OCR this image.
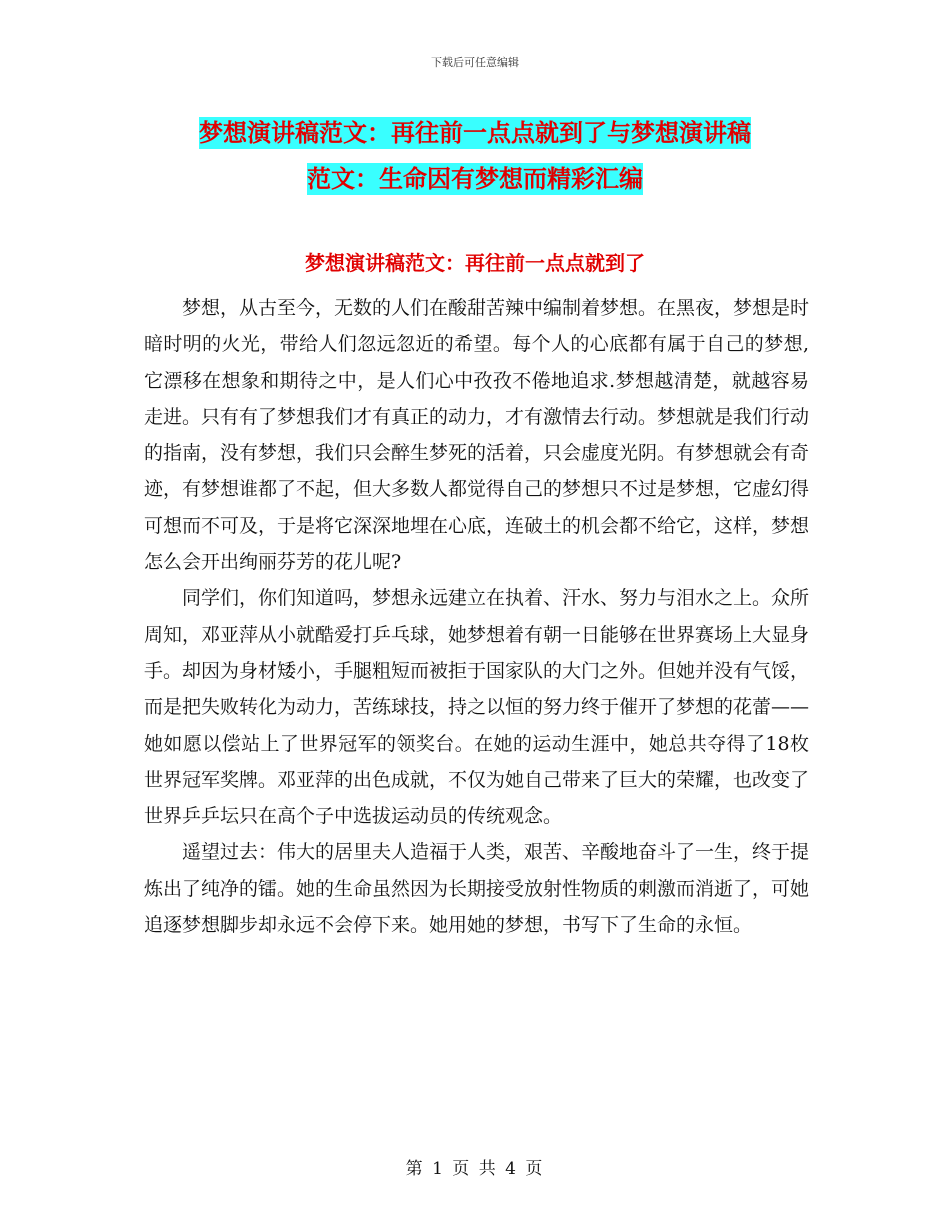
下载后可任意编辑
梦想演讲稿范文：再往前一点点就到了与梦想演讲稿
范文：生命因有梦想而精彩汇编
梦想演讲稿范文：再往前一点点就到了

梦想，从古至今，无数的人们在酸甜苦辣中编制着梦想。在黑夜，梦想是时暗时明的火光，带给人们忽远忽近的希望。每个人的心底都有属于自己的梦想,它漂移在想象和期待之中，是人们心中孜孜不倦地追求.梦想越清楚，就越容易走进。只有有了梦想我们才有真正的动力，才有激情去行动。梦想就是我们行动的指南，没有梦想，我们只会醉生梦死的活着，只会虚度光阴。有梦想就会有奇迹，有梦想谁都了不起，但大多数人都觉得自己的梦想只不过是梦想，它虚幻得可想而不可及，于是将它深深地埋在心底，连破土的机会都不给它，这样，梦想怎么会开出绚丽芬芳的花儿呢?

同学们，你们知道吗，梦想永远建立在执着、汗水、努力与泪水之上。众所周知，邓亚萍从小就酷爱打乒乓球，她梦想着有朝一日能够在世界赛场上大显身手。却因为身材矮小，手腿粗短而被拒于国家队的大门之外。但她并没有气馁，而是把失败转化为动力，苦练球技，持之以恒的努力终于催开了梦想的花蕾——她如愿以偿站上了世界冠军的领奖台。在她的运动生涯中，她总共夺得了18枚世界冠军奖牌。邓亚萍的出色成就，不仅为她自己带来了巨大的荣耀，也改变了世界乒乒坛只在高个子中选拔运动员的传统观念。

遥望过去：伟大的居里夫人造福于人类，艰苦、辛酸地奋斗了一生，终于提炼出了纯净的镭。她的生命虽然因为长期接受放射性物质的刺激而消逝了，可她追逐梦想脚步却永远不会停下来。她用她的梦想，书写下了生命的永恒。

第 1 页 共 4 页
